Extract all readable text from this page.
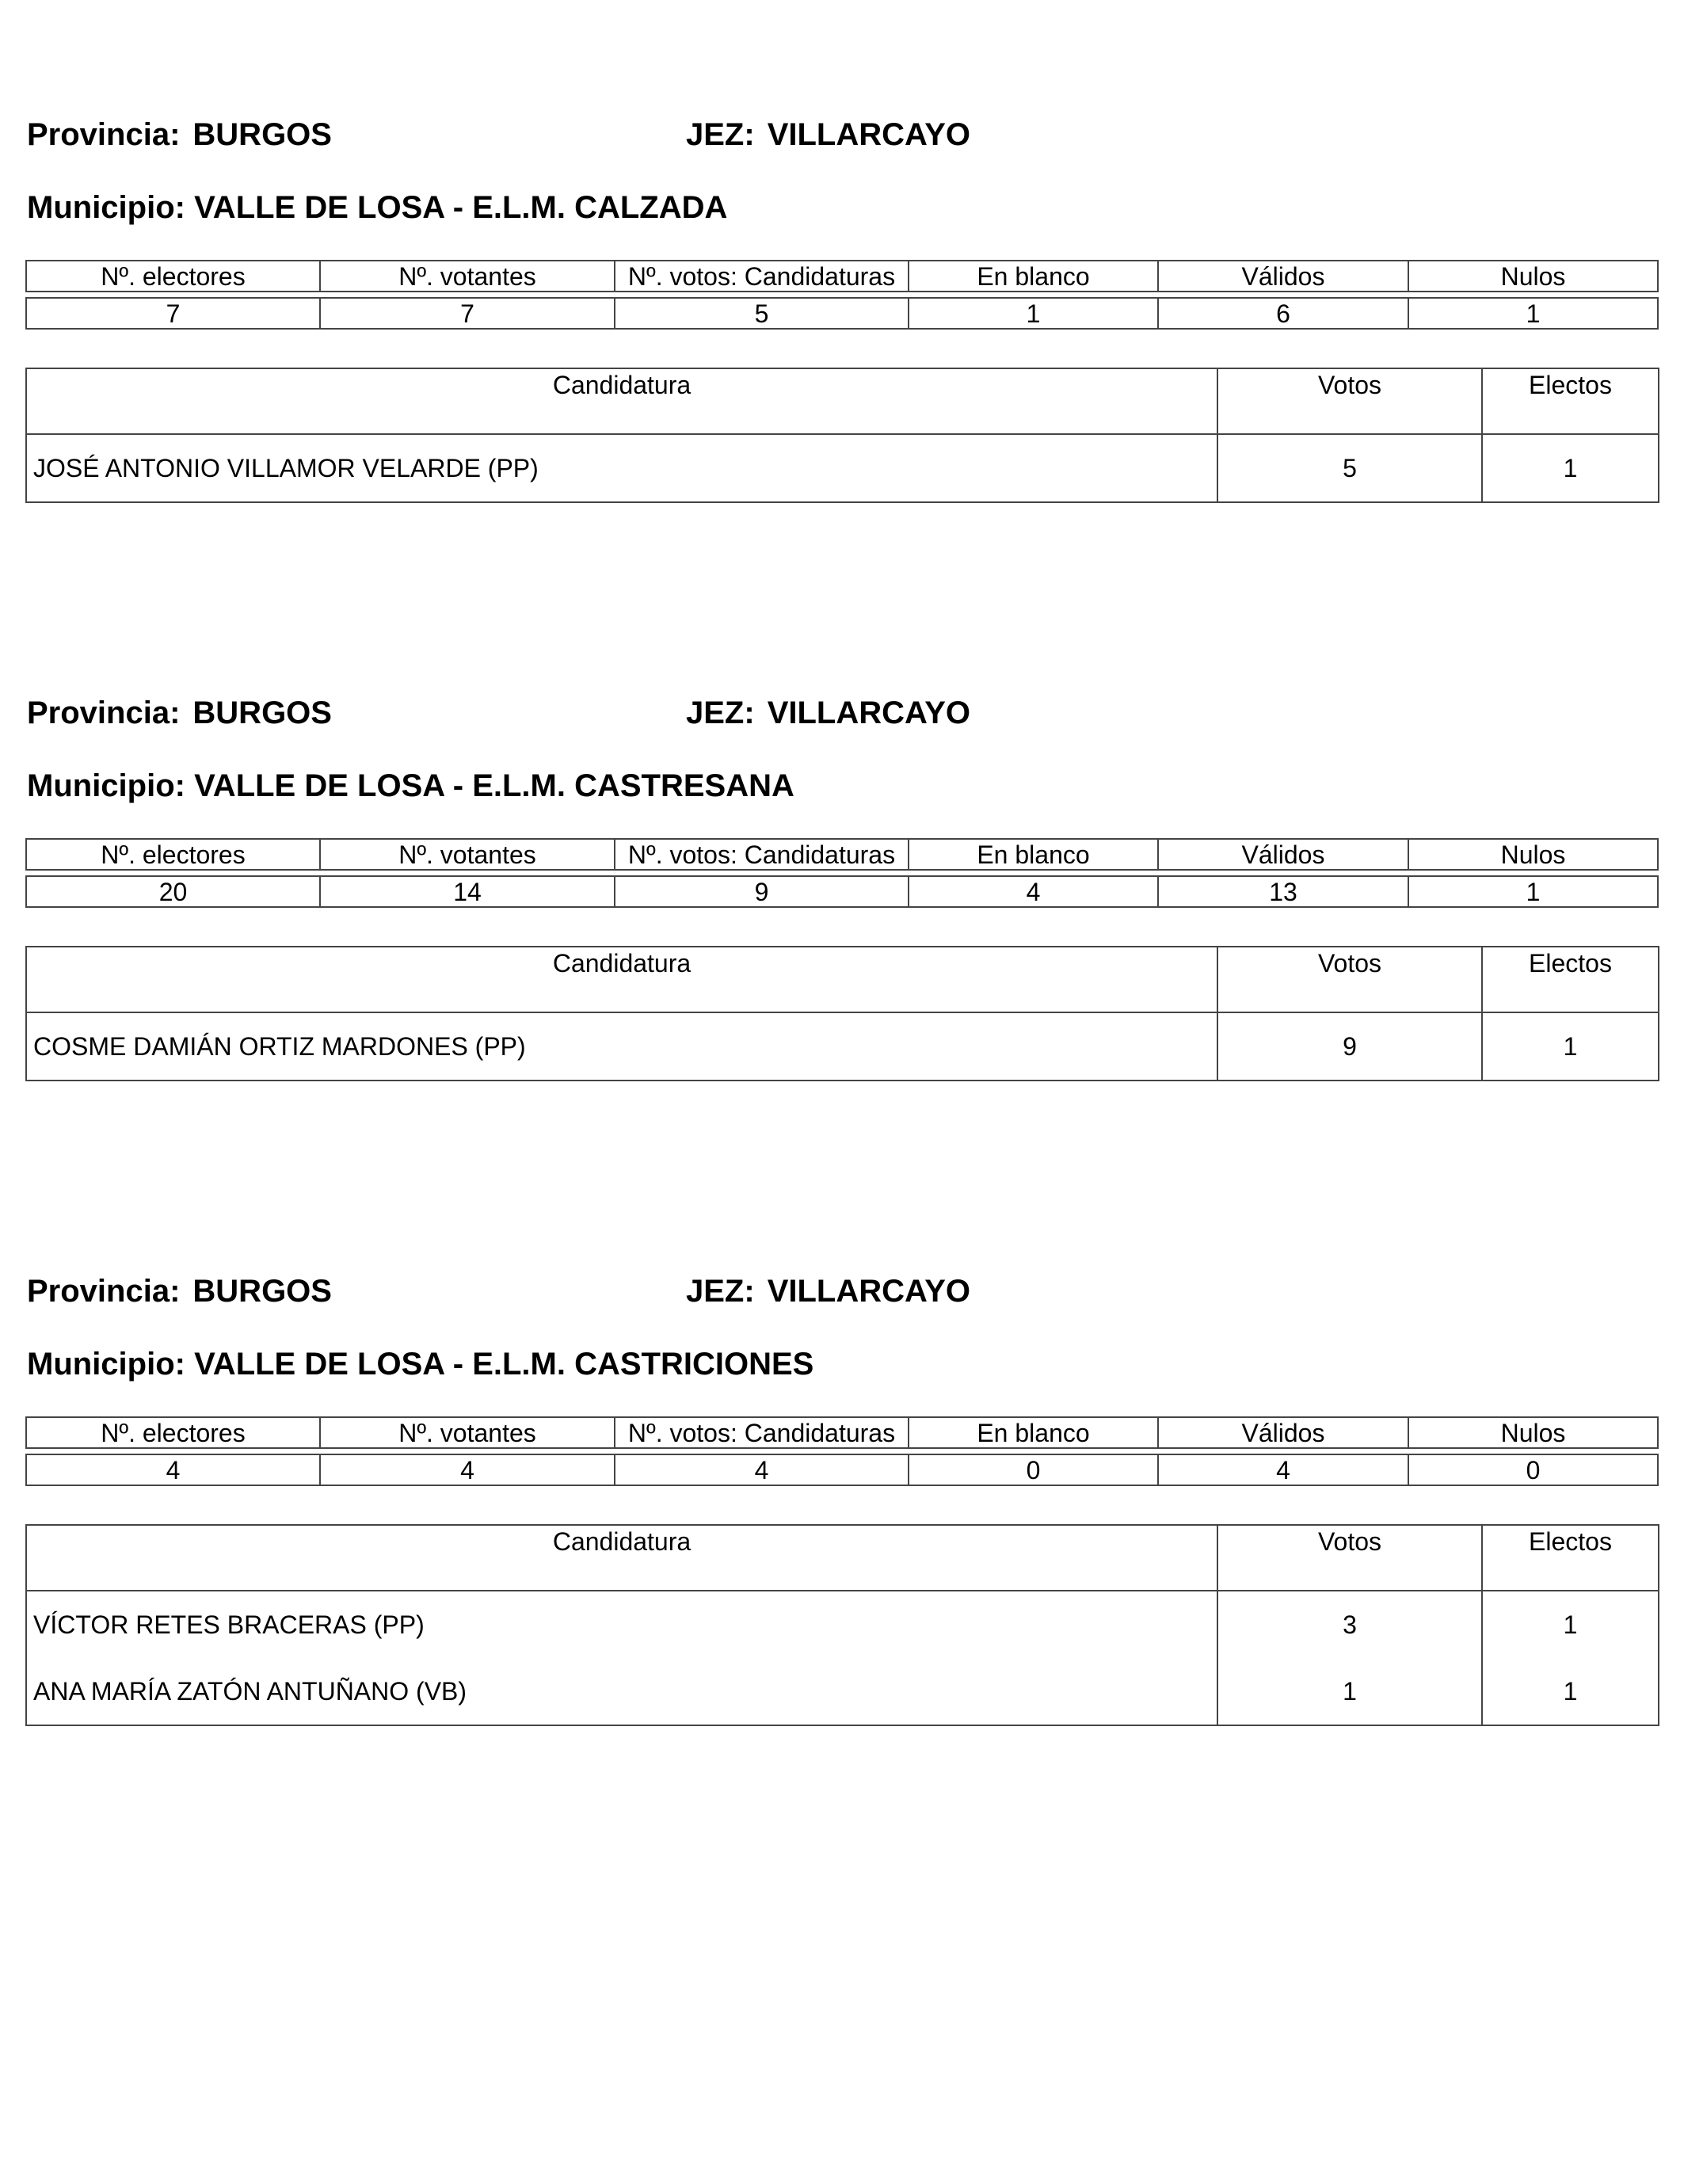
Provincia: BURGOS	JEZ: VILLARCAYO
Municipio: VALLE DE LOSA - E.L.M. CALZADA
Nº. electores	Nº. votantes	Nº. votos: Candidaturas	En blanco	Válidos	Nulos

7	7	5	1	6	1
Candidatura	Votos	Electos
JOSÉ ANTONIO VILLAMOR VELARDE (PP)	5	1
Provincia: BURGOS	JEZ: VILLARCAYO
Municipio: VALLE DE LOSA - E.L.M. CASTRESANA
Nº. electores	Nº. votantes	Nº. votos: Candidaturas	En blanco	Válidos	Nulos

20	14	9	4	13	1
Candidatura	Votos	Electos
COSME DAMIÁN ORTIZ MARDONES (PP)	9	1
Provincia: BURGOS	JEZ: VILLARCAYO
Municipio: VALLE DE LOSA - E.L.M. CASTRICIONES
Nº. electores	Nº. votantes	Nº. votos: Candidaturas	En blanco	Válidos	Nulos

4	4	4	0	4	0
Candidatura	Votos	Electos
VÍCTOR RETES BRACERAS (PP)	3	1
ANA MARÍA ZATÓN ANTUÑANO (VB)	1	1
